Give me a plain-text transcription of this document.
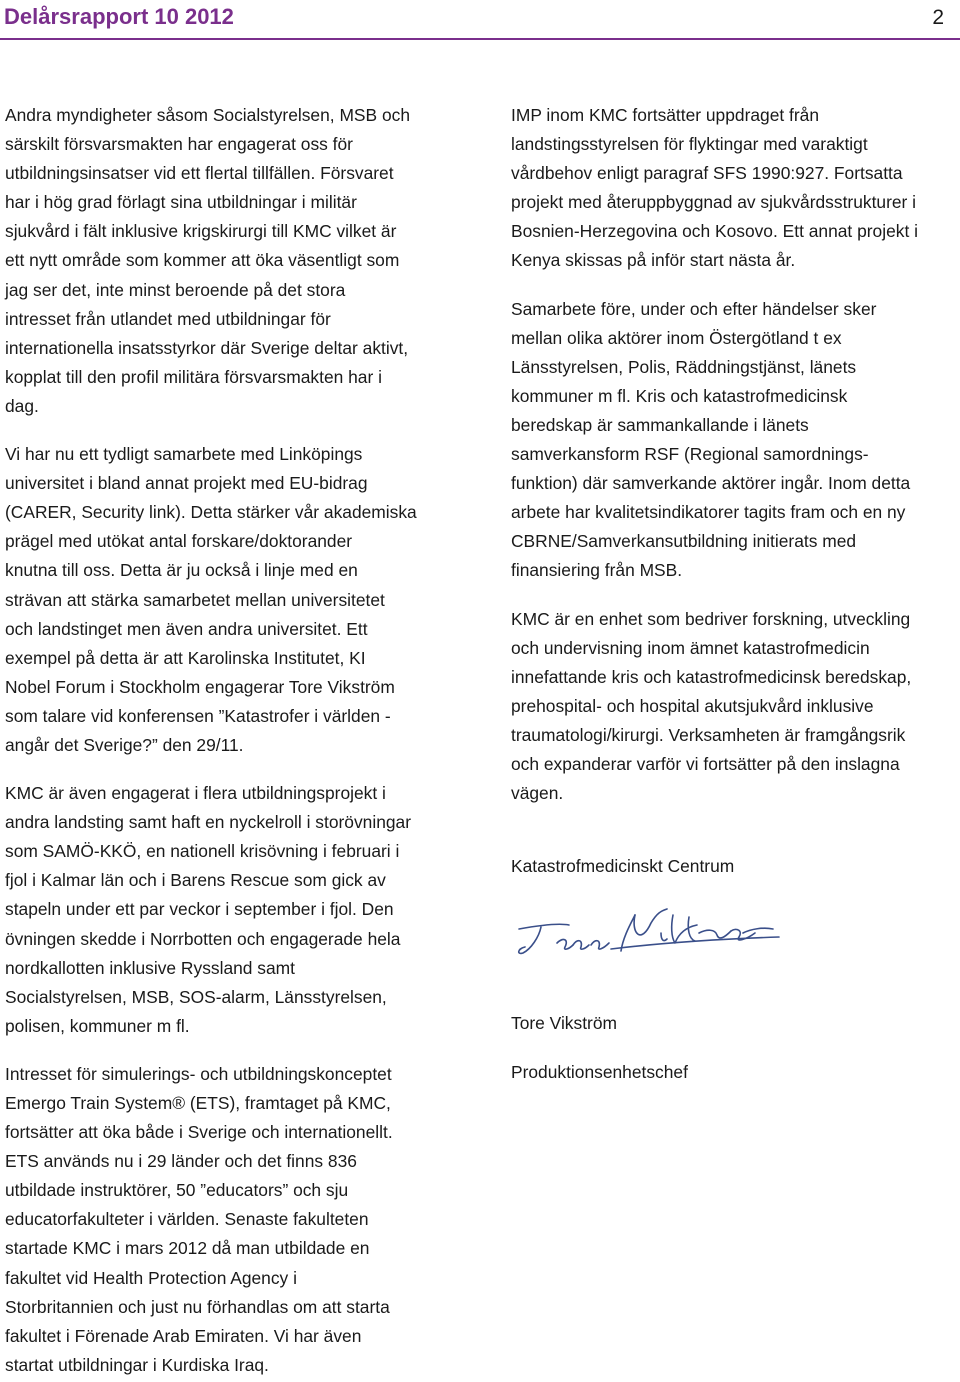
Delårsrapport 10 2012	2

Andra myndigheter såsom Socialstyrelsen, MSB och
särskilt försvarsmakten har engagerat oss för
utbildningsinsatser vid ett flertal tillfällen. Försvaret
har i hög grad förlagt sina utbildningar i militär
sjukvård i fält inklusive krigskirurgi till KMC vilket är
ett nytt område som kommer att öka väsentligt som
jag ser det, inte minst beroende på det stora
intresset från utlandet med utbildningar för
internationella insatsstyrkor där Sverige deltar aktivt,
kopplat till den profil militära försvarsmakten har i
dag.

Vi har nu ett tydligt samarbete med Linköpings
universitet i bland annat projekt med EU-bidrag
(CARER, Security link). Detta stärker vår akademiska
prägel med utökat antal forskare/doktorander
knutna till oss. Detta är ju också i linje med en
strävan att stärka samarbetet mellan universitetet
och landstinget men även andra universitet. Ett
exempel på detta är att Karolinska Institutet, KI
Nobel Forum i Stockholm engagerar Tore Vikström
som talare vid konferensen ”Katastrofer i världen -
angår det Sverige?” den 29/11.

KMC är även engagerat i flera utbildningsprojekt i
andra landsting samt haft en nyckelroll i storövningar
som SAMÖ-KKÖ, en nationell krisövning i februari i
fjol i Kalmar län och i Barens Rescue som gick av
stapeln under ett par veckor i september i fjol. Den
övningen skedde i Norrbotten och engagerade hela
nordkallotten inklusive Ryssland samt
Socialstyrelsen, MSB, SOS-alarm, Länsstyrelsen,
polisen, kommuner m fl.

Intresset för simulerings- och utbildningskonceptet
Emergo Train System® (ETS), framtaget på KMC,
fortsätter att öka både i Sverige och internationellt.
ETS används nu i 29 länder och det finns 836
utbildade instruktörer, 50 ”educators” och sju
educatorfakulteter i världen. Senaste fakulteten
startade KMC i mars 2012 då man utbildade en
fakultet vid Health Protection Agency i
Storbritannien och just nu förhandlas om att starta
fakultet i Förenade Arab Emiraten. Vi har även
startat utbildningar i Kurdiska Iraq.

IMP inom KMC fortsätter uppdraget från
landstingsstyrelsen för flyktingar med varaktigt
vårdbehov enligt paragraf SFS 1990:927. Fortsatta
projekt med återuppbyggnad av sjukvårdsstrukturer i
Bosnien-Herzegovina och Kosovo. Ett annat projekt i
Kenya skissas på inför start nästa år.

Samarbete före, under och efter händelser sker
mellan olika aktörer inom Östergötland t ex
Länsstyrelsen, Polis, Räddningstjänst, länets
kommuner m fl. Kris och katastrofmedicinsk
beredskap är sammankallande i länets
samverkansform RSF (Regional samordnings-
funktion) där samverkande aktörer ingår. Inom detta
arbete har kvalitetsindikatorer tagits fram och en ny
CBRNE/Samverkansutbildning initierats med
finansiering från MSB.

KMC är en enhet som bedriver forskning, utveckling
och undervisning inom ämnet katastrofmedicin
innefattande kris och katastrofmedicinsk beredskap,
prehospital- och hospital akutsjukvård inklusive
traumatologi/kirurgi. Verksamheten är framgångsrik
och expanderar varför vi fortsätter på den inslagna
vägen.

Katastrofmedicinskt Centrum

Tore Vikström

Produktionsenhetschef
